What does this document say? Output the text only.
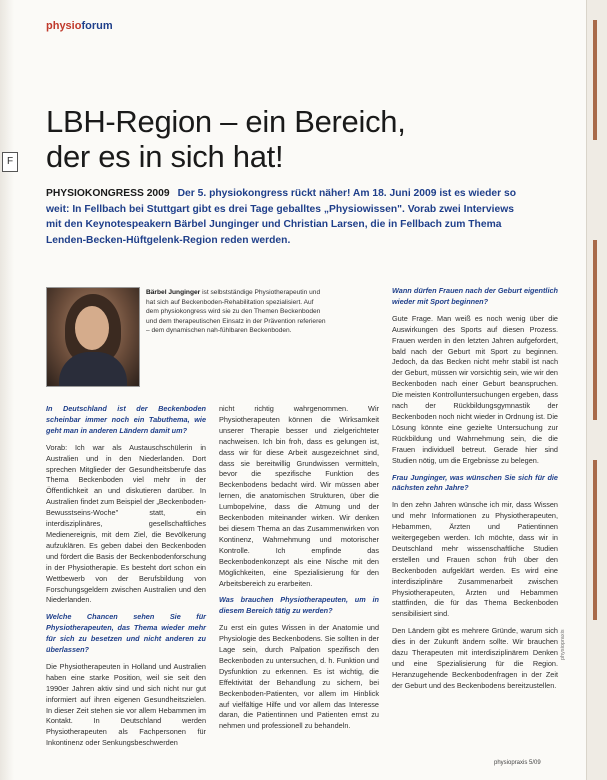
physioforum
F
LBH-Region – ein Bereich,
der es in sich hat!
PHYSIOKONGRESS 2009 Der 5. physiokongress rückt näher! Am 18. Juni 2009 ist es wieder so weit: In Fellbach bei Stuttgart gibt es drei Tage geballtes „Physiowissen". Vorab zwei Interviews mit den Keynotespeakern Bärbel Junginger und Christian Larsen, die in Fellbach zum Thema Lenden-Becken-Hüftgelenk-Region reden werden.
Bärbel Junginger ist selbstständige Physiotherapeutin und hat sich auf Beckenboden-Rehabilitation spezialisiert. Auf dem physiokongress wird sie zu den Themen Beckenboden und dem therapeutischen Einsatz in der Prävention referieren – dem dynamischen nah-fühlbaren Beckenboden.

In Deutschland ist der Beckenboden scheinbar immer noch ein Tabuthema, wie geht man in anderen Ländern damit um?

Vorab: Ich war als Austauschschülerin in Australien und in den Niederlanden. Dort sprechen Mitglieder der Gesundheitsberufe das Thema Beckenboden viel mehr in der Öffentlichkeit an und diskutieren darüber. In Australien findet zum Beispiel der „Beckenboden-Bewusstseins-Woche" statt, ein interdisziplinäres, gesellschaftliches Medienereignis, mit dem Ziel, die Bevölkerung aufzuklären. Es geben dabei den Beckenboden und fördert die Basis der Beckenbodenforschung in der Physiotherapie. Es besteht dort schon ein Wettbewerb von der Berufsbildung von Forschungsgeldern zwischen Australien und den Niederlanden.

Welche Chancen sehen Sie für Physiotherapeuten, das Thema wieder mehr für sich zu besetzen und nicht anderen zu überlassen?

Die Physiotherapeuten in Holland und Australien haben eine starke Position, weil sie seit den 1990er Jahren aktiv sind und sich nicht nur gut informiert auf ihren eigenen Gesundheitszielen. In dieser Zeit stehen sie vor allem Hebammen im Kontakt. In Deutschland werden Physiotherapeuten als Fachpersonen für Inkontinenz oder Senkungsbeschwerden

nicht richtig wahrgenommen. Wir Physiotherapeuten können die Wirksamkeit unserer Therapie besser und zielgerichteter nachweisen. Ich bin froh, dass es gelungen ist, dass wir für diese Arbeit ausgezeichnet sind, dass sie bereitwillig Grundwissen vermitteln, bevor die spezifische Funktion des Beckenbodens bedacht wird. Wir müssen aber lernen, die anatomischen Strukturen, über die Lumbopelvine, dass die Atmung und der Beckenboden miteinander wirken. Wir denken bei diesem Thema an das Zusammenwirken von Kontinenz, Wahrnehmung und motorischer Kontrolle. Ich empfinde das Beckenbodenkonzept als eine Nische mit den Möglichkeiten, eine Spezialisierung für den Arbeitsbereich zu erarbeiten.

Was brauchen Physiotherapeuten, um in diesem Bereich tätig zu werden?

Zu erst ein gutes Wissen in der Anatomie und Physiologie des Beckenbodens. Sie sollten in der Lage sein, durch Palpation spezifisch den Beckenboden zu untersuchen, d. h. Funktion und Dysfunktion zu erkennen. Es ist wichtig, die Effektivität der Behandlung zu sichern, bei Beckenboden-Patienten, vor allem im Hinblick auf vielfältige Hilfe und vor allem das Interesse daran, die Patientinnen und Patienten ernst zu nehmen und professionell zu behandeln.

Wann dürfen Frauen nach der Geburt eigentlich wieder mit Sport beginnen?

Gute Frage. Man weiß es noch wenig über die Auswirkungen des Sports auf diesen Prozess. Frauen werden in den letzten Jahren aufgefordert, bald nach der Geburt mit Sport zu beginnen. Jedoch, da das Becken nicht mehr stabil ist nach der Geburt, müssen wir vorsichtig sein, wie wir den Beckenboden nach einer Geburt beanspruchen. Die meisten Kontrolluntersuchungen ergeben, dass nach der Rückbildungsgymnastik der Beckenboden noch nicht wieder in Ordnung ist. Die Lösung könnte eine gezielte Untersuchung zur Rückbildung und Wahrnehmung sein, die die Frauen individuell betreut. Gerade hier sind Studien nötig, um die Ergebnisse zu belegen.

Frau Junginger, was wünschen Sie sich für die nächsten zehn Jahre?

In den zehn Jahren wünsche ich mir, dass Wissen und mehr Informationen zu Physiotherapeuten, Hebammen, Ärzten und Patientinnen weitergegeben werden. Ich möchte, dass wir in Deutschland mehr wissenschaftliche Studien erstellen und Frauen schon früh über den Beckenboden aufgeklärt werden. Es wird eine interdisziplinäre Zusammenarbeit zwischen Physiotherapeuten, Ärzten und Hebammen stattfinden, die für das Thema Beckenboden sensibilisiert sind.

Den Ländern gibt es mehrere Gründe, warum sich dies in der Zukunft ändern sollte. Wir brauchen dazu Therapeuten mit interdisziplinärem Denken und eine Spezialisierung für die Region. Heranzugehende Beckenbodenfragen in der Zeit der Geburt und des Beckenbodens bereitzustellen.

physiopraxis 5/09
physiopraxis
